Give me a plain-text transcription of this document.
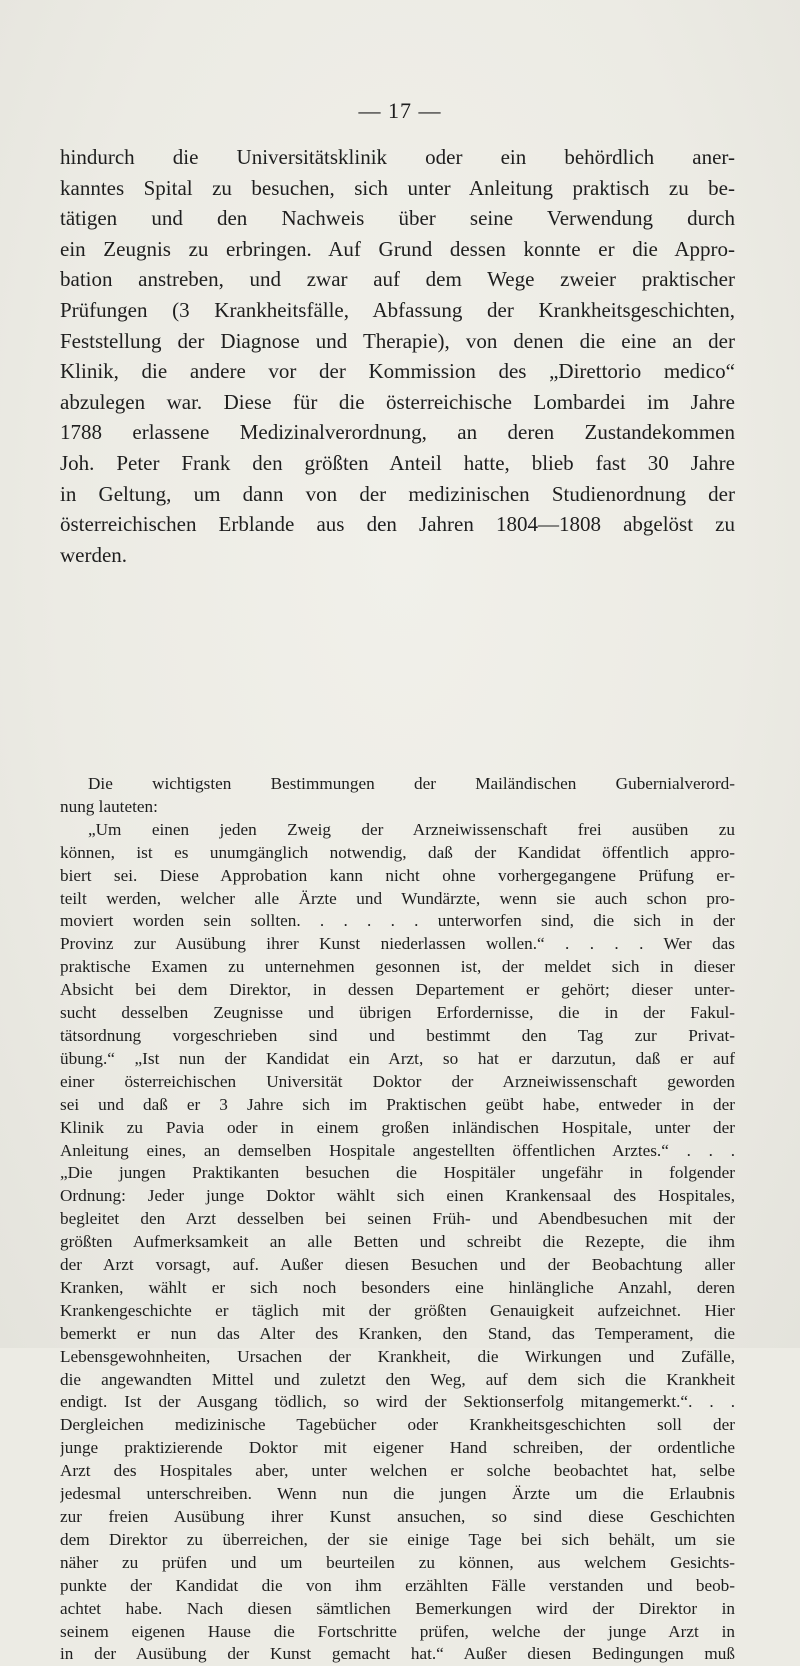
— 17 —
hindurch die Universitätsklinik oder ein behördlich aner-
kanntes Spital zu besuchen, sich unter Anleitung praktisch zu be-
tätigen und den Nachweis über seine Verwendung durch
ein Zeugnis zu erbringen. Auf Grund dessen konnte er die Appro-
bation anstreben, und zwar auf dem Wege zweier praktischer
Prüfungen (3 Krankheitsfälle, Abfassung der Krankheitsgeschichten,
Feststellung der Diagnose und Therapie), von denen die eine an der
Klinik, die andere vor der Kommission des „Direttorio medico“
abzulegen war. Diese für die österreichische Lombardei im Jahre
1788 erlassene Medizinalverordnung, an deren Zustandekommen
Joh. Peter Frank den größten Anteil hatte, blieb fast 30 Jahre
in Geltung, um dann von der medizinischen Studienordnung der
österreichischen Erblande aus den Jahren 1804—1808 abgelöst zu
werden.
Die wichtigsten Bestimmungen der Mailändischen Gubernialverord-
nung lauteten:
„Um einen jeden Zweig der Arzneiwissenschaft frei ausüben zu
können, ist es unumgänglich notwendig, daß der Kandidat öffentlich appro-
biert sei. Diese Approbation kann nicht ohne vorhergegangene Prüfung er-
teilt werden, welcher alle Ärzte und Wundärzte, wenn sie auch schon pro-
moviert worden sein sollten. . . . . . unterworfen sind, die sich in der
Provinz zur Ausübung ihrer Kunst niederlassen wollen.“ . . . . Wer das
praktische Examen zu unternehmen gesonnen ist, der meldet sich in dieser
Absicht bei dem Direktor, in dessen Departement er gehört; dieser unter-
sucht desselben Zeugnisse und übrigen Erfordernisse, die in der Fakul-
tätsordnung vorgeschrieben sind und bestimmt den Tag zur Privat-
übung.“ „Ist nun der Kandidat ein Arzt, so hat er darzutun, daß er auf
einer österreichischen Universität Doktor der Arzneiwissenschaft geworden
sei und daß er 3 Jahre sich im Praktischen geübt habe, entweder in der
Klinik zu Pavia oder in einem großen inländischen Hospitale, unter der
Anleitung eines, an demselben Hospitale angestellten öffentlichen Arztes.“ . . .
„Die jungen Praktikanten besuchen die Hospitäler ungefähr in folgender
Ordnung: Jeder junge Doktor wählt sich einen Krankensaal des Hospitales,
begleitet den Arzt desselben bei seinen Früh- und Abendbesuchen mit der
größten Aufmerksamkeit an alle Betten und schreibt die Rezepte, die ihm
der Arzt vorsagt, auf. Außer diesen Besuchen und der Beobachtung aller
Kranken, wählt er sich noch besonders eine hinlängliche Anzahl, deren
Krankengeschichte er täglich mit der größten Genauigkeit aufzeichnet. Hier
bemerkt er nun das Alter des Kranken, den Stand, das Temperament, die
Lebensgewohnheiten, Ursachen der Krankheit, die Wirkungen und Zufälle,
die angewandten Mittel und zuletzt den Weg, auf dem sich die Krankheit
endigt. Ist der Ausgang tödlich, so wird der Sektionserfolg mitangemerkt.“. . .
Dergleichen medizinische Tagebücher oder Krankheitsgeschichten soll der
junge praktizierende Doktor mit eigener Hand schreiben, der ordentliche
Arzt des Hospitales aber, unter welchen er solche beobachtet hat, selbe
jedesmal unterschreiben. Wenn nun die jungen Ärzte um die Erlaubnis
zur freien Ausübung ihrer Kunst ansuchen, so sind diese Geschichten
dem Direktor zu überreichen, der sie einige Tage bei sich behält, um sie
näher zu prüfen und um beurteilen zu können, aus welchem Gesichts-
punkte der Kandidat die von ihm erzählten Fälle verstanden und beob-
achtet habe. Nach diesen sämtlichen Bemerkungen wird der Direktor in
seinem eigenen Hause die Fortschritte prüfen, welche der junge Arzt in
in der Ausübung der Kunst gemacht hat.“ Außer diesen Bedingungen muß
